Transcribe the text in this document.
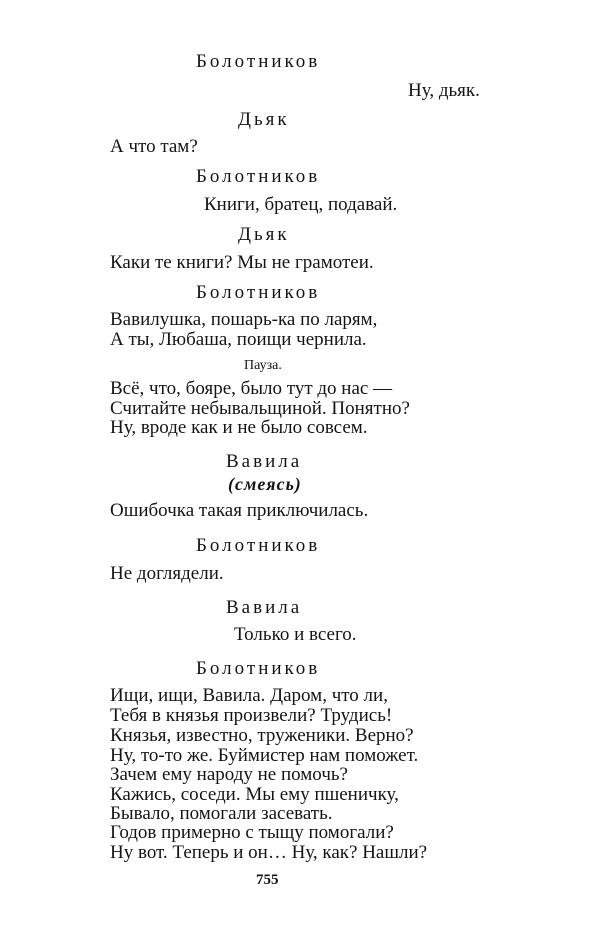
Болотников
Ну, дьяк.
Дьяк
А что там?
Болотников
Книги, братец, подавай.
Дьяк
Каки те книги? Мы не грамотеи.
Болотников
Вавилушка, пошарь-ка по ларям,
А ты, Любаша, поищи чернила.
Пауза.
Всё, что, бояре, было тут до нас —
Считайте небывальщиной. Понятно?
Ну, вроде как и не было совсем.
Вавила
(смеясь)
Ошибочка такая приключилась.
Болотников
Не доглядели.
Вавила
Только и всего.
Болотников
Ищи, ищи, Вавила. Даром, что ли,
Тебя в князья произвели? Трудись!
Князья, известно, труженики. Верно?
Ну, то-то же. Буймистер нам поможет.
Зачем ему народу не помочь?
Кажись, соседи. Мы ему пшеничку,
Бывало, помогали засевать.
Годов примерно с тыщу помогали?
Ну вот. Теперь и он… Ну, как? Нашли?
755
